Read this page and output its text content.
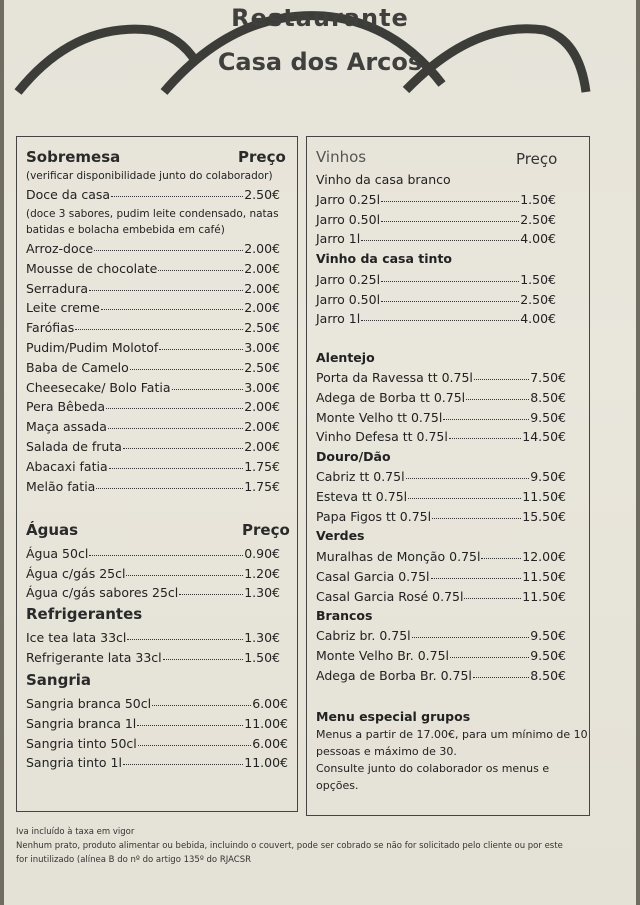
Restaurante
Casa dos Arcos
Sobremesa	Preço
(verificar disponibilidade junto do colaborador)
Doce da casa	2.50€
(doce 3 sabores, pudim leite condensado, natas
batidas e bolacha embebida em café)
Arroz-doce	2.00€
Mousse de chocolate	2.00€
Serradura	2.00€
Leite creme	2.00€
Farófias	2.50€
Pudim/Pudim Molotof	3.00€
Baba de Camelo	2.50€
Cheesecake/ Bolo Fatia	3.00€
Pera Bêbeda	2.00€
Maça assada	2.00€
Salada de fruta	2.00€
Abacaxi fatia	1.75€
Melão fatia	1.75€
Águas	Preço
Água 50cl	0.90€
Água c/gás 25cl	1.20€
Água c/gás sabores 25cl	1.30€
Refrigerantes
Ice tea lata 33cl	1.30€
Refrigerante lata 33cl	1.50€
Sangria
Sangria branca 50cl	6.00€
Sangria branca 1l	11.00€
Sangria tinto 50cl	6.00€
Sangria tinto 1l	11.00€
Vinhos	Preço
Vinho da casa branco
Jarro 0.25l	1.50€
Jarro 0.50l	2.50€
Jarro 1l	4.00€
Vinho da casa tinto
Jarro 0.25l	1.50€
Jarro 0.50l	2.50€
Jarro 1l	4.00€
Alentejo
Porta da Ravessa tt 0.75l	7.50€
Adega de Borba tt 0.75l	8.50€
Monte Velho tt 0.75l	9.50€
Vinho Defesa tt 0.75l	14.50€
Douro/Dão
Cabriz tt 0.75l	9.50€
Esteva tt 0.75l	11.50€
Papa Figos tt 0.75l	15.50€
Verdes
Muralhas de Monção 0.75l	12.00€
Casal Garcia 0.75l	11.50€
Casal Garcia Rosé 0.75l	11.50€
Brancos
Cabriz br. 0.75l	9.50€
Monte Velho Br. 0.75l	9.50€
Adega de Borba Br. 0.75l	8.50€
Menu especial grupos
Menus a partir de 17.00€, para um mínimo de 10
pessoas e máximo de 30.
Consulte junto do colaborador os menus e
opções.
Iva incluído à taxa em vigor
Nenhum prato, produto alimentar ou bebida, incluindo o couvert, pode ser cobrado se não for solicitado pelo cliente ou por este
for inutilizado (alínea B do nº do artigo 135º do RJACSR
